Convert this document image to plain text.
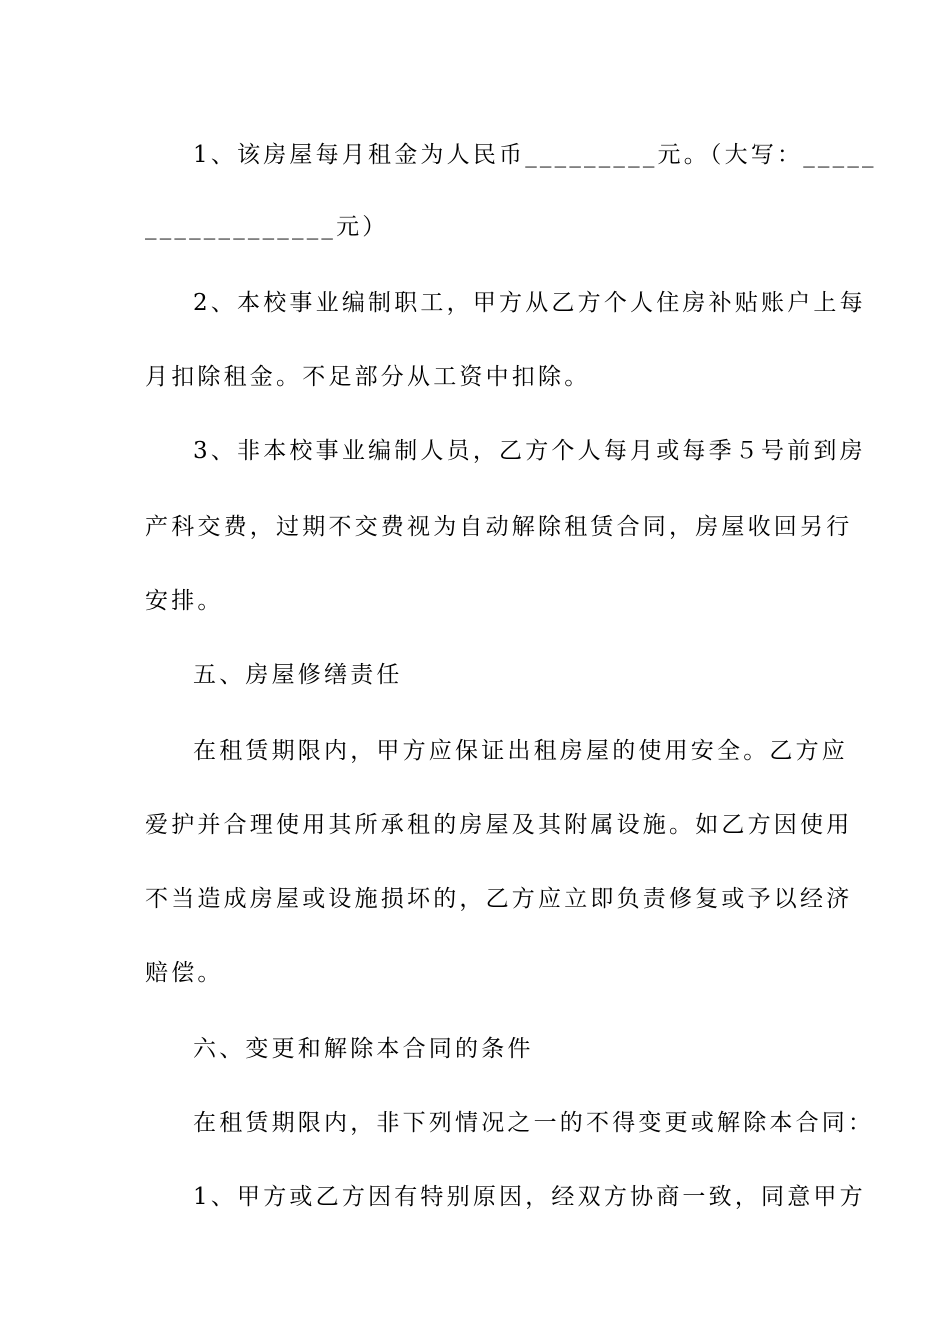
1、该房屋每月租金为人民币_________元。（大写：_____
_____________元）
2、本校事业编制职工，甲方从乙方个人住房补贴账户上每
月扣除租金。不足部分从工资中扣除。
3、非本校事业编制人员，乙方个人每月或每季５号前到房
产科交费，过期不交费视为自动解除租赁合同，房屋收回另行
安排。
五、房屋修缮责任
在租赁期限内，甲方应保证出租房屋的使用安全。乙方应
爱护并合理使用其所承租的房屋及其附属设施。如乙方因使用
不当造成房屋或设施损坏的，乙方应立即负责修复或予以经济
赔偿。
六、变更和解除本合同的条件
在租赁期限内，非下列情况之一的不得变更或解除本合同：
1、甲方或乙方因有特别原因，经双方协商一致，同意甲方
